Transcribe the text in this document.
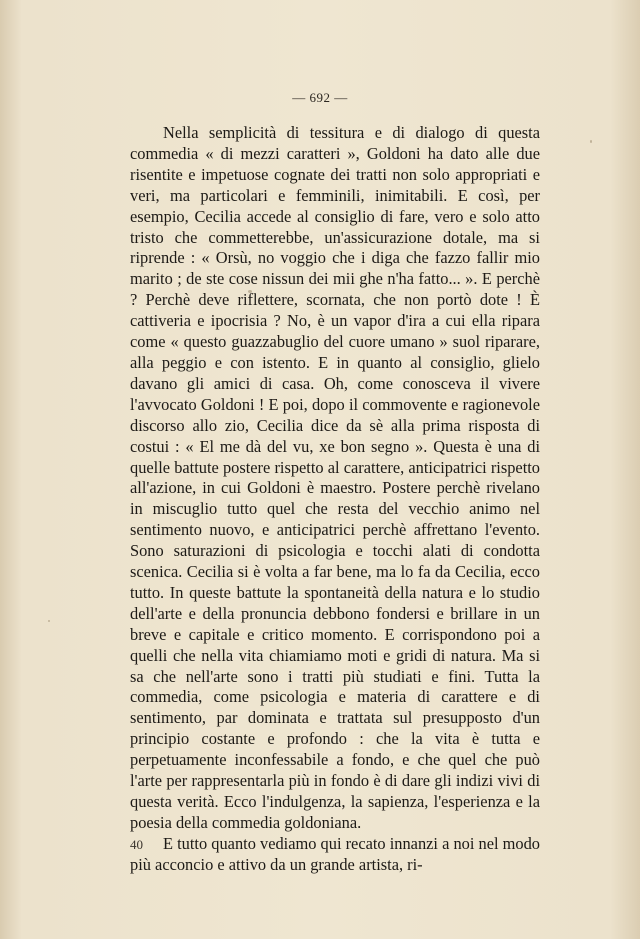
— 692 —

Nella semplicità di tessitura e di dialogo di questa commedia « di mezzi caratteri », Goldoni ha dato alle due risentite e impetuose cognate dei tratti non solo appropriati e veri, ma particolari e femminili, inimitabili. E così, per esempio, Cecilia accede al consiglio di fare, vero e solo atto tristo che commetterebbe, un'assicurazione dotale, ma si riprende : « Orsù, no voggio che i diga che fazzo fallir mio marito ; de ste cose nissun dei mii ghe n'ha fatto... ». E perchè ? Perchè deve riflettere, scornata, che non portò dote ! È cattiveria e ipocrisia ? No, è un vapor d'ira a cui ella ripara come « questo guazzabuglio del cuore umano » suol riparare, alla peggio e con istento. E in quanto al consiglio, glielo davano gli amici di casa. Oh, come conosceva il vivere l'avvocato Goldoni ! E poi, dopo il commovente e ragionevole discorso allo zio, Cecilia dice da sè alla prima risposta di costui : « El me dà del vu, xe bon segno ». Questa è una di quelle battute postere rispetto al carattere, anticipatrici rispetto all'azione, in cui Goldoni è maestro. Postere perchè rivelano in miscuglio tutto quel che resta del vecchio animo nel sentimento nuovo, e anticipatrici perchè affrettano l'evento. Sono saturazioni di psicologia e tocchi alati di condotta scenica. Cecilia si è volta a far bene, ma lo fa da Cecilia, ecco tutto. In queste battute la spontaneità della natura e lo studio dell'arte e della pronuncia debbono fondersi e brillare in un breve e capitale e critico momento. E corrispondono poi a quelli che nella vita chiamiamo moti e gridi di natura. Ma si sa che nell'arte sono i tratti più studiati e fini. Tutta la commedia, come psicologia e materia di carattere e di sentimento, par dominata e trattata sul presupposto d'un principio costante e profondo : che la vita è tutta e perpetuamente inconfessabile a fondo, e che quel che può l'arte per rappresentarla più in fondo è di dare gli indizi vivi di questa verità. Ecco l'indulgenza, la sapienza, l'esperienza e la poesia della commedia goldoniana.

E tutto quanto vediamo qui recato innanzi a noi nel modo più acconcio e attivo da un grande artista, ri-

40
